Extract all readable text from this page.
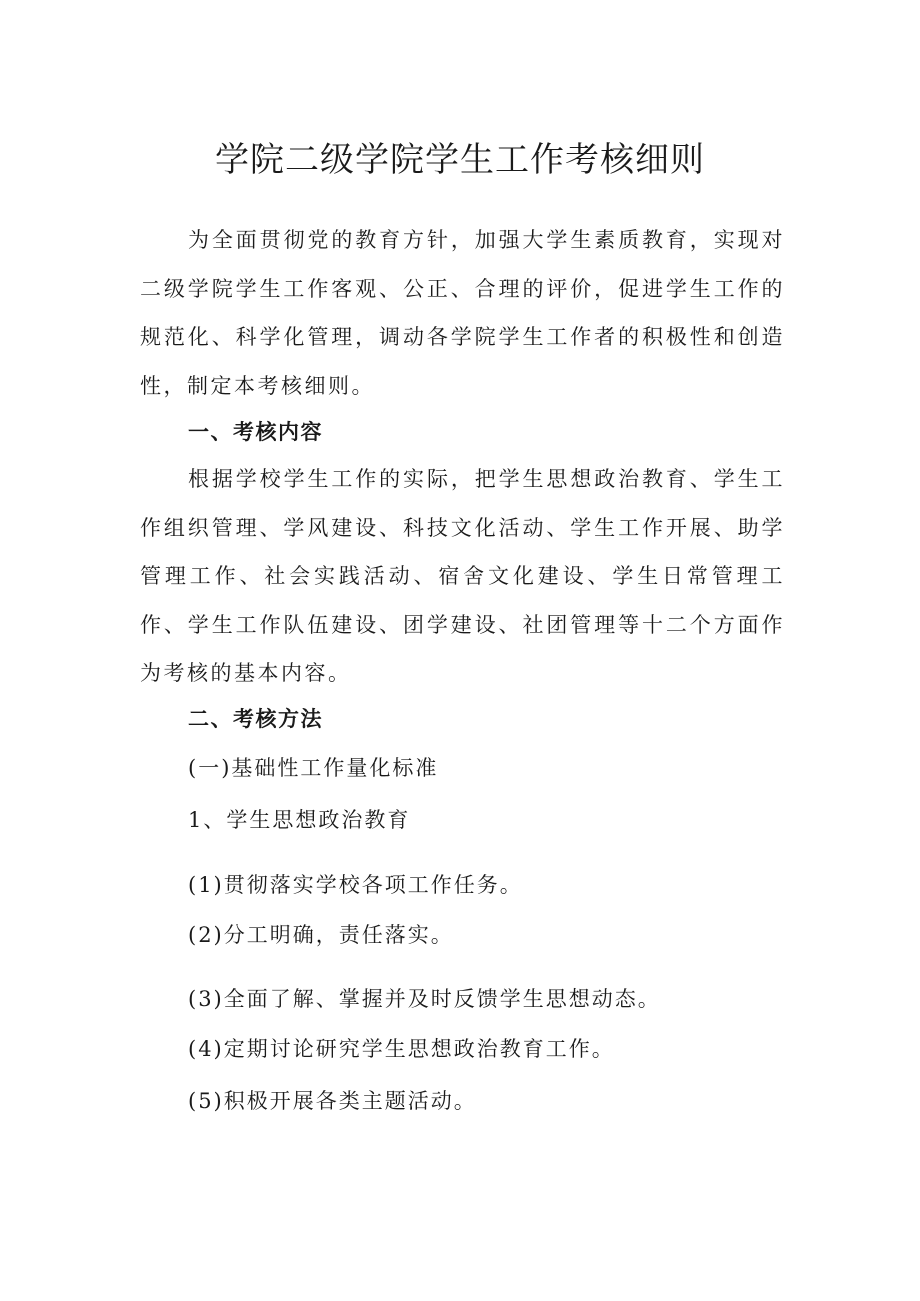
学院二级学院学生工作考核细则

为全面贯彻党的教育方针，加强大学生素质教育，实现对二级学院学生工作客观、公正、合理的评价，促进学生工作的规范化、科学化管理，调动各学院学生工作者的积极性和创造性，制定本考核细则。

一、考核内容

根据学校学生工作的实际，把学生思想政治教育、学生工作组织管理、学风建设、科技文化活动、学生工作开展、助学管理工作、社会实践活动、宿舍文化建设、学生日常管理工作、学生工作队伍建设、团学建设、社团管理等十二个方面作为考核的基本内容。

二、考核方法

(一)基础性工作量化标准

1、学生思想政治教育

(1)贯彻落实学校各项工作任务。

(2)分工明确，责任落实。

(3)全面了解、掌握并及时反馈学生思想动态。

(4)定期讨论研究学生思想政治教育工作。

(5)积极开展各类主题活动。
